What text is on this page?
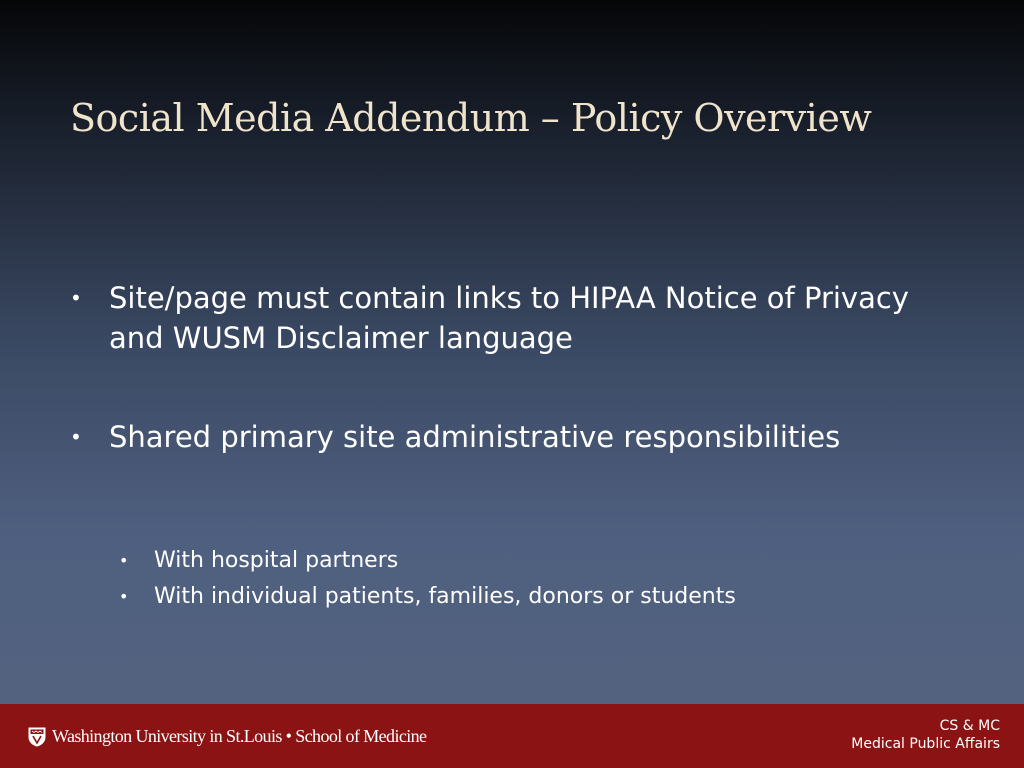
Social Media Addendum – Policy Overview
• Site/page must contain links to HIPAA Notice of Privacy and WUSM Disclaimer language
• Shared primary site administrative responsibilities
• With hospital partners
• With individual patients, families, donors or students
Washington University in St.Louis • School of Medicine	CS & MC
Medical Public Affairs
